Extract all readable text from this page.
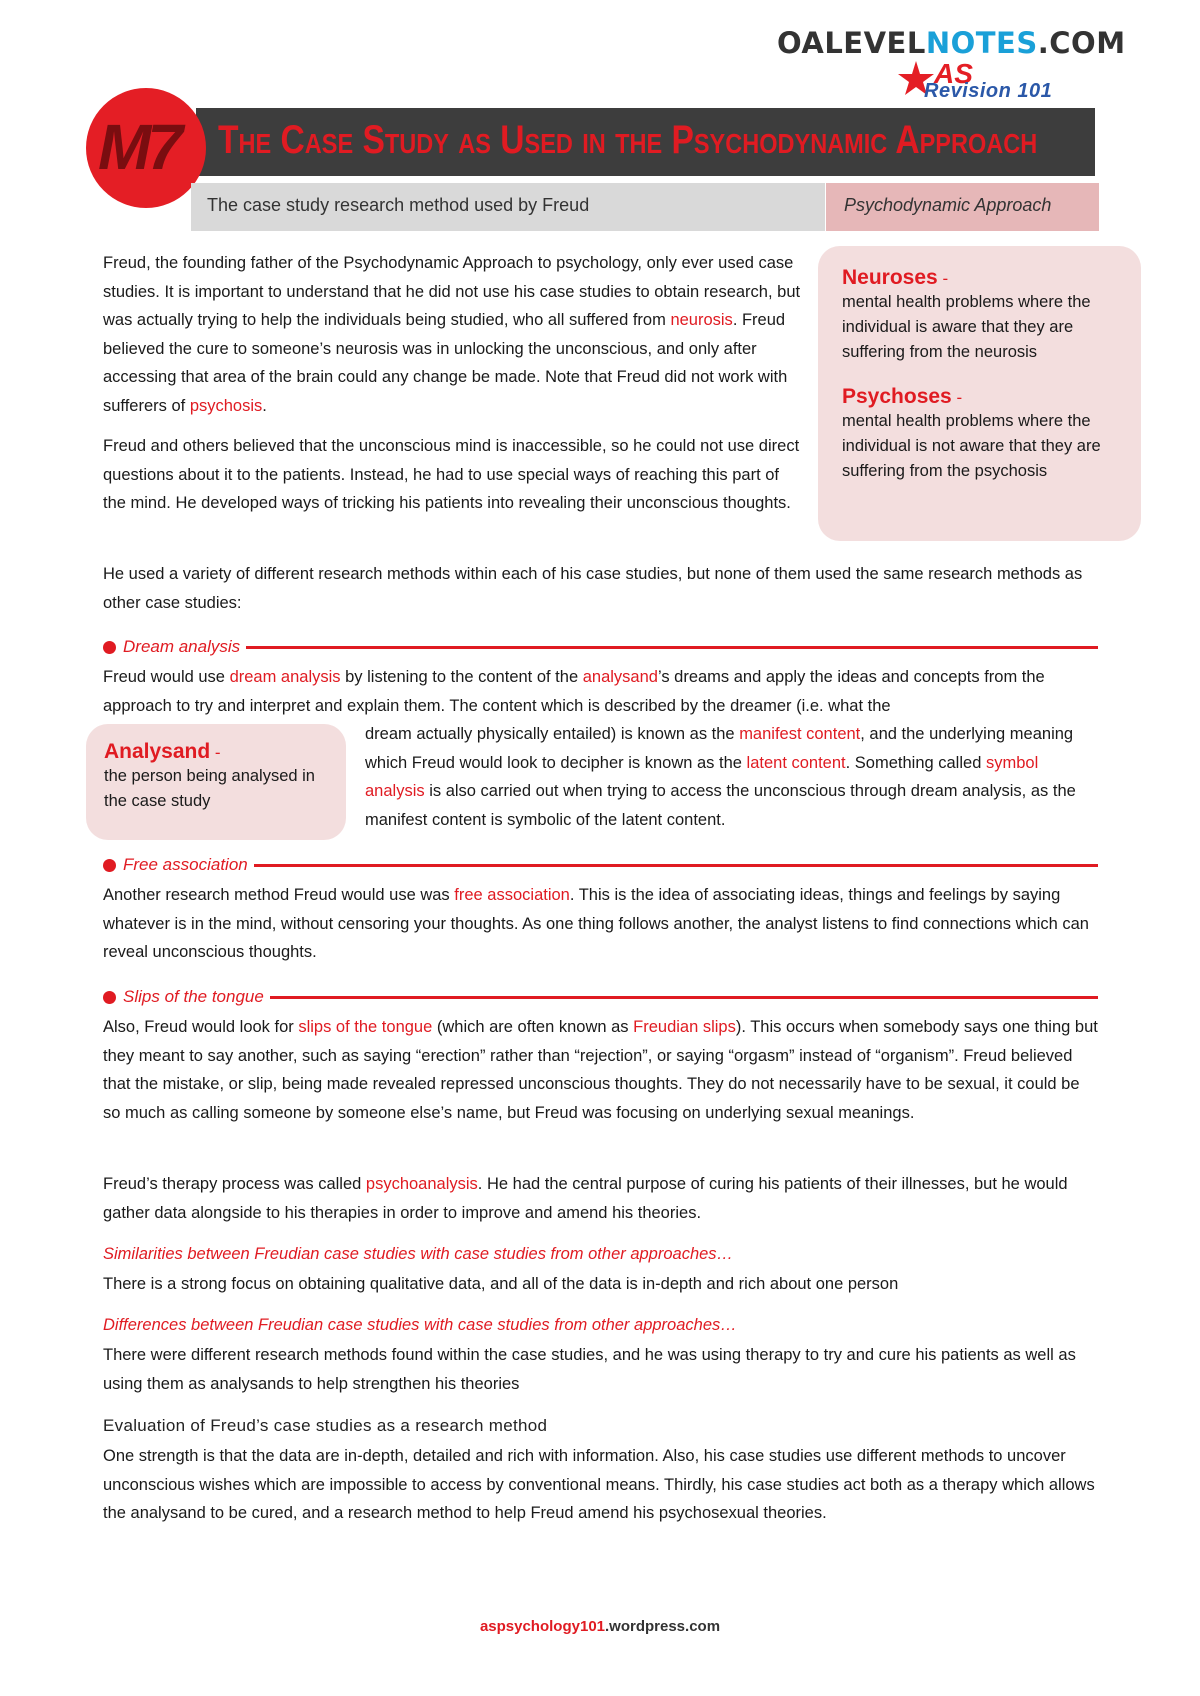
OALEVELNOTES.COM
AS
Revision 101
The Case Study as Used in the Psychodynamic Approach
M7
The case study research method used by Freud	Psychodynamic Approach
Neuroses -
mental health problems where the individual is aware that they are suffering from the neurosis
Psychoses -
mental health problems where the individual is not aware that they are suffering from the psychosis
Freud, the founding father of the Psychodynamic Approach to psychology, only ever used case studies. It is important to understand that he did not use his case studies to obtain research, but was actually trying to help the individuals being studied, who all suffered from neurosis. Freud believed the cure to someone’s neurosis was in unlocking the unconscious, and only after accessing that area of the brain could any change be made. Note that Freud did not work with sufferers of psychosis.
Freud and others believed that the unconscious mind is inaccessible, so he could not use direct questions about it to the patients. Instead, he had to use special ways of reaching this part of the mind. He developed ways of tricking his patients into revealing their unconscious thoughts.
He used a variety of different research methods within each of his case studies, but none of them used the same research methods as other case studies:
Dream analysis
Freud would use dream analysis by listening to the content of the analysand’s dreams and apply the ideas and concepts from the approach to try and interpret and explain them. The content which is described by the dreamer (i.e. what the
Analysand -
the person being analysed in the case study
dream actually physically entailed) is known as the manifest content, and the underlying meaning which Freud would look to decipher is known as the latent content. Something called symbol analysis is also carried out when trying to access the unconscious through dream analysis, as the manifest content is symbolic of the latent content.
Free association
Another research method Freud would use was free association. This is the idea of associating ideas, things and feelings by saying whatever is in the mind, without censoring your thoughts. As one thing follows another, the analyst listens to find connections which can reveal unconscious thoughts.
Slips of the tongue
Also, Freud would look for slips of the tongue (which are often known as Freudian slips). This occurs when somebody says one thing but they meant to say another, such as saying “erection” rather than “rejection”, or saying “orgasm” instead of “organism”. Freud believed that the mistake, or slip, being made revealed repressed unconscious thoughts. They do not necessarily have to be sexual, it could be so much as calling someone by someone else’s name, but Freud was focusing on underlying sexual meanings.
Freud’s therapy process was called psychoanalysis. He had the central purpose of curing his patients of their illnesses, but he would gather data alongside to his therapies in order to improve and amend his theories.
Similarities between Freudian case studies with case studies from other approaches…
There is a strong focus on obtaining qualitative data, and all of the data is in-depth and rich about one person
Differences between Freudian case studies with case studies from other approaches…
There were different research methods found within the case studies, and he was using therapy to try and cure his patients as well as using them as analysands to help strengthen his theories
Evaluation of Freud’s case studies as a research method
One strength is that the data are in-depth, detailed and rich with information. Also, his case studies use different methods to uncover unconscious wishes which are impossible to access by conventional means. Thirdly, his case studies act both as a therapy which allows the analysand to be cured, and a research method to help Freud amend his psychosexual theories.
aspsychology101.wordpress.com
